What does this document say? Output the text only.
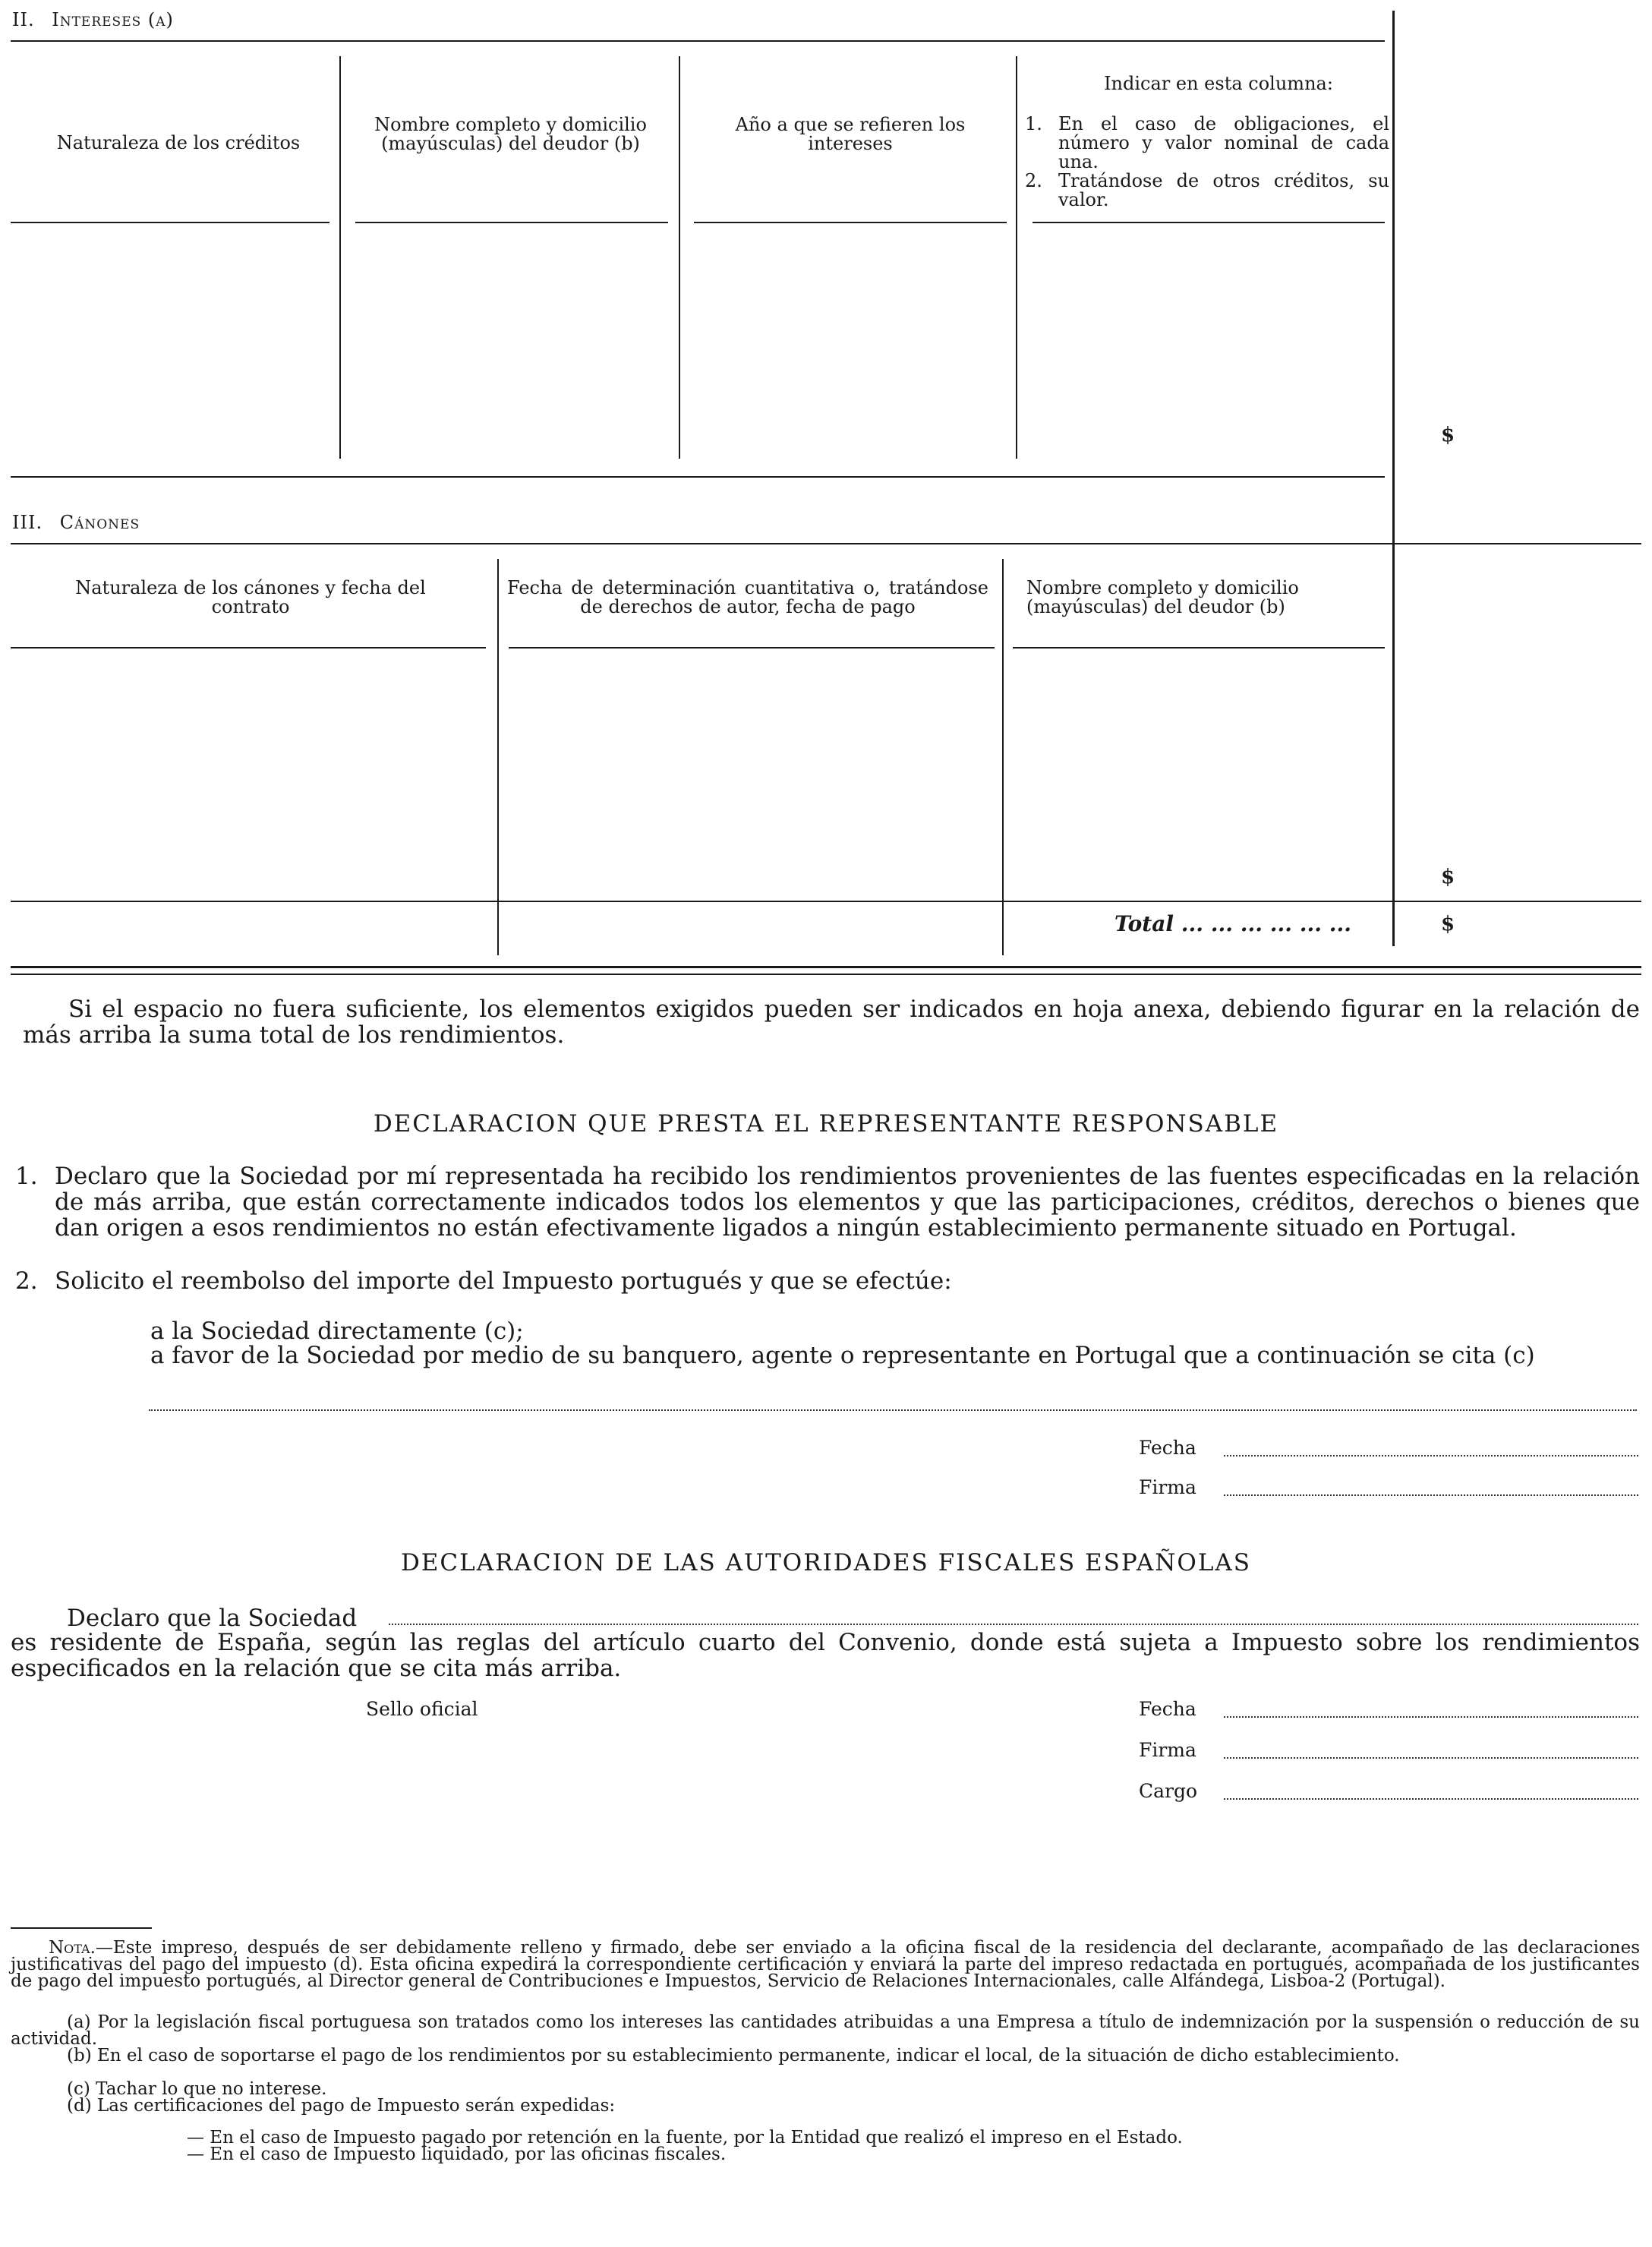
II. Intereses (a)
Naturaleza de los créditos
Nombre completo y domicilio (mayúsculas) del deudor (b)
Año a que se refieren los intereses
Indicar en esta columna:
1. En el caso de obligaciones, el número y valor nominal de cada una.
2. Tratándose de otros créditos, su valor.
$
III. Cánones
Naturaleza de los cánones y fecha del contrato
Fecha de determinación cuantitativa o, tratándose de derechos de autor, fecha de pago
Nombre completo y domicilio (mayúsculas) del deudor (b)
$
Total ... ... ... ... ... ...	$
Si el espacio no fuera suficiente, los elementos exigidos pueden ser indicados en hoja anexa, debiendo figurar en la relación de más arriba la suma total de los rendimientos.
DECLARACION QUE PRESTA EL REPRESENTANTE RESPONSABLE
1. Declaro que la Sociedad por mí representada ha recibido los rendimientos provenientes de las fuentes especificadas en la relación de más arriba, que están correctamente indicados todos los elementos y que las participaciones, créditos, derechos o bienes que dan origen a esos rendimientos no están efectivamente ligados a ningún establecimiento permanente situado en Portugal.
2. Solicito el reembolso del importe del Impuesto portugués y que se efectúe:
a la Sociedad directamente (c);
a favor de la Sociedad por medio de su banquero, agente o representante en Portugal que a continuación se cita (c)
Fecha
Firma
DECLARACION DE LAS AUTORIDADES FISCALES ESPAÑOLAS
Declaro que la Sociedad
es residente de España, según las reglas del artículo cuarto del Convenio, donde está sujeta a Impuesto sobre los rendimientos especificados en la relación que se cita más arriba.
Sello oficial	Fecha
Firma
Cargo
Nota.—Este impreso, después de ser debidamente relleno y firmado, debe ser enviado a la oficina fiscal de la residencia del declarante, acompañado de las declaraciones justificativas del pago del impuesto (d). Esta oficina expedirá la correspondiente certificación y enviará la parte del impreso redactada en portugués, acompañada de los justificantes de pago del impuesto portugués, al Director general de Contribuciones e Impuestos, Servicio de Relaciones Internacionales, calle Alfándega, Lisboa-2 (Portugal).
(a) Por la legislación fiscal portuguesa son tratados como los intereses las cantidades atribuidas a una Empresa a título de indemnización por la suspensión o reducción de su actividad.
(b) En el caso de soportarse el pago de los rendimientos por su establecimiento permanente, indicar el local, de la situación de dicho establecimiento.
(c) Tachar lo que no interese.
(d) Las certificaciones del pago de Impuesto serán expedidas:
— En el caso de Impuesto pagado por retención en la fuente, por la Entidad que realizó el impreso en el Estado.
— En el caso de Impuesto liquidado, por las oficinas fiscales.
